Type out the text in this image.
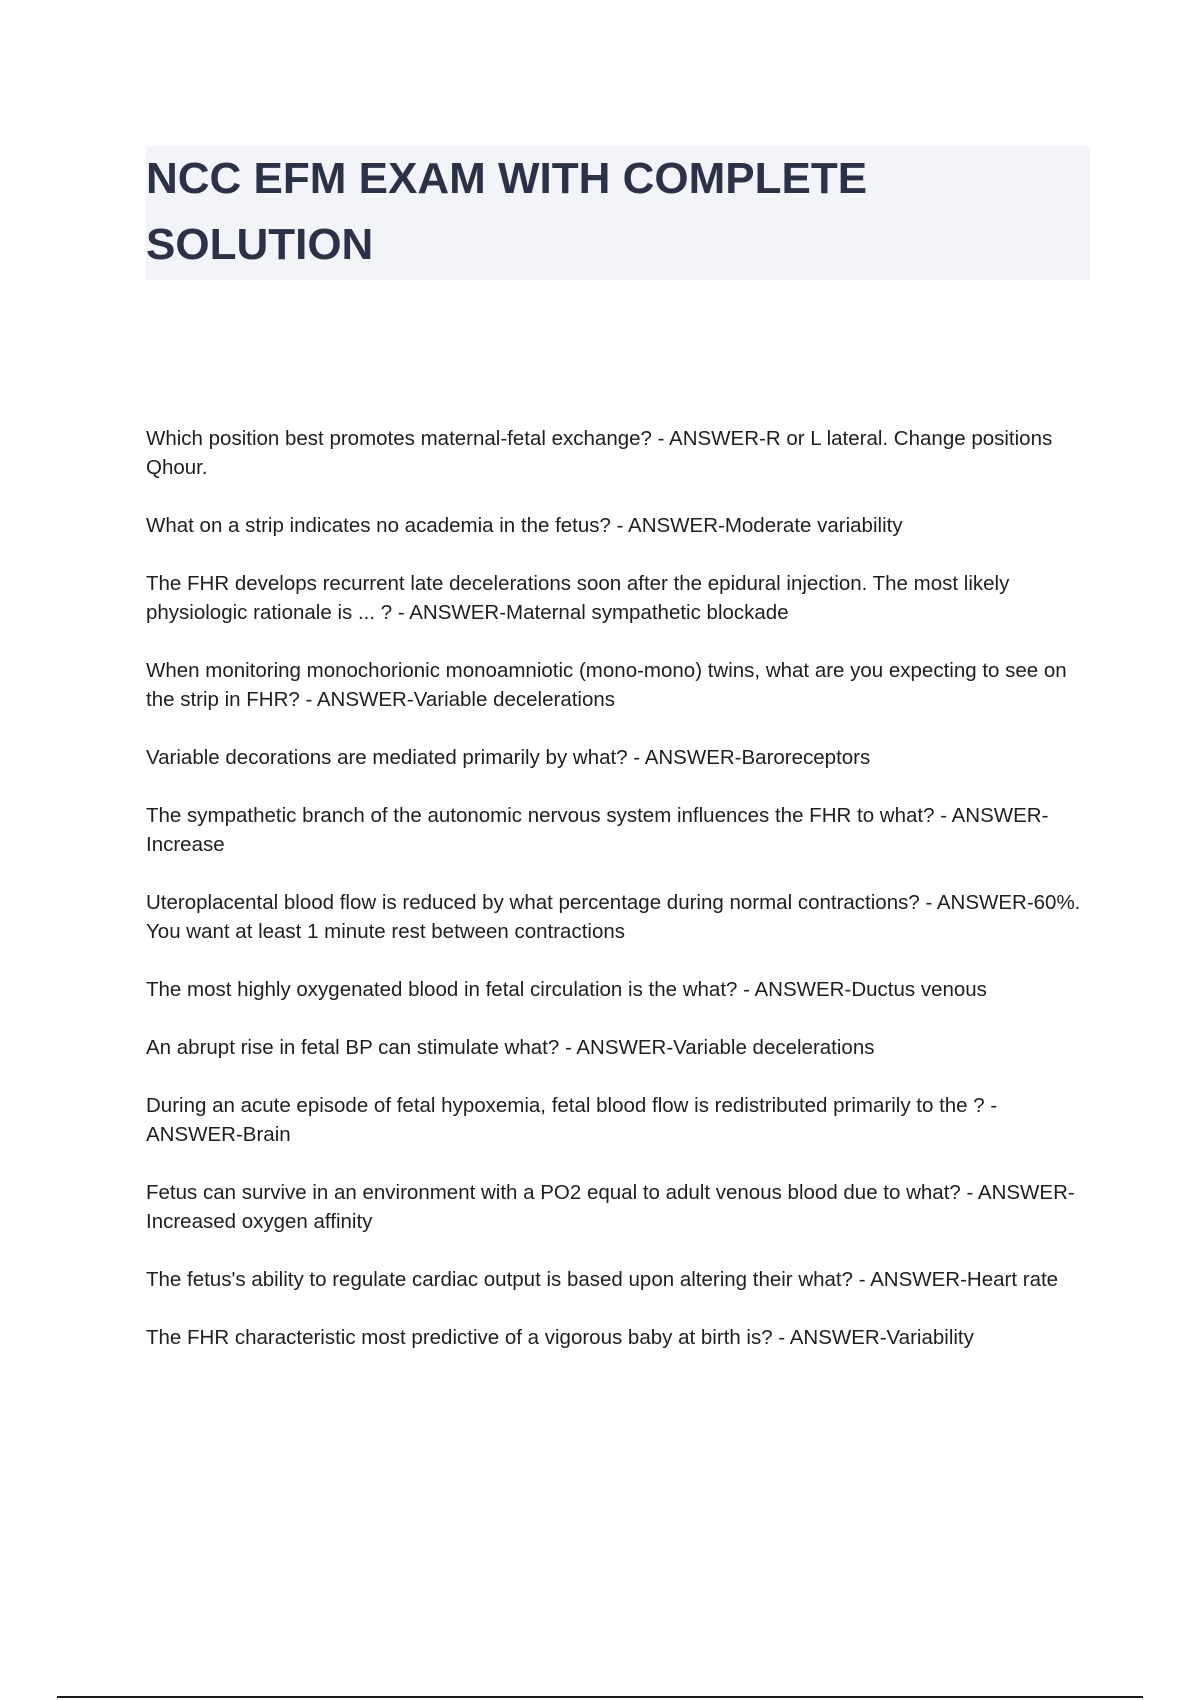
NCC EFM EXAM WITH COMPLETE
SOLUTION
Which position best promotes maternal-fetal exchange? - ANSWER-R or L lateral. Change positions Qhour.
What on a strip indicates no academia in the fetus? - ANSWER-Moderate variability
The FHR develops recurrent late decelerations soon after the epidural injection. The most likely physiologic rationale is ... ? - ANSWER-Maternal sympathetic blockade
When monitoring monochorionic monoamniotic (mono-mono) twins, what are you expecting to see on the strip in FHR? - ANSWER-Variable decelerations
Variable decorations are mediated primarily by what? - ANSWER-Baroreceptors
The sympathetic branch of the autonomic nervous system influences the FHR to what? - ANSWER-Increase
Uteroplacental blood flow is reduced by what percentage during normal contractions? - ANSWER-60%. You want at least 1 minute rest between contractions
The most highly oxygenated blood in fetal circulation is the what? - ANSWER-Ductus venous
An abrupt rise in fetal BP can stimulate what? - ANSWER-Variable decelerations
During an acute episode of fetal hypoxemia, fetal blood flow is redistributed primarily to the ? - ANSWER-Brain
Fetus can survive in an environment with a PO2 equal to adult venous blood due to what? - ANSWER-Increased oxygen affinity
The fetus's ability to regulate cardiac output is based upon altering their what? - ANSWER-Heart rate
The FHR characteristic most predictive of a vigorous baby at birth is? - ANSWER-Variability
